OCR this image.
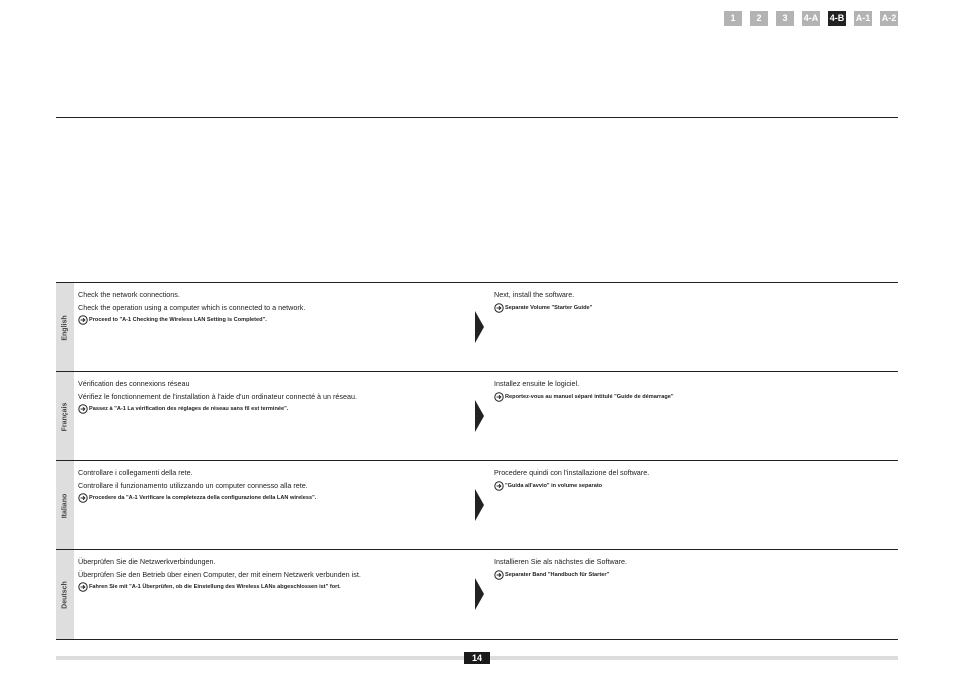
1	2	3	4-A 4-B A-1 A-2
English
Check the network connections.
Check the operation using a computer which is connected to a network.
Proceed to "A-1 Checking the Wireless LAN Setting is Completed".
Next, install the software.
Separate Volume "Starter Guide"
Français
Vérification des connexions réseau
Vérifiez le fonctionnement de l'installation à l'aide d'un ordinateur connecté à un réseau.
Passez à "A-1 La vérification des réglages de réseau sans fil est terminée".
Installez ensuite le logiciel.
Reportez-vous au manuel séparé intitulé "Guide de démarrage"
Italiano
Controllare i collegamenti della rete.
Controllare il funzionamento utilizzando un computer connesso alla rete.
Procedere da "A-1 Verificare la completezza della configurazione della LAN wireless".
Procedere quindi con l'installazione del software.
"Guida all'avvio" in volume separato
Deutsch
Überprüfen Sie die Netzwerkverbindungen.
Überprüfen Sie den Betrieb über einen Computer, der mit einem Netzwerk verbunden ist.
Fahren Sie mit "A-1 Überprüfen, ob die Einstellung des Wireless LANs abgeschlossen ist" fort.
Installieren Sie als nächstes die Software.
Separater Band "Handbuch für Starter"
14
